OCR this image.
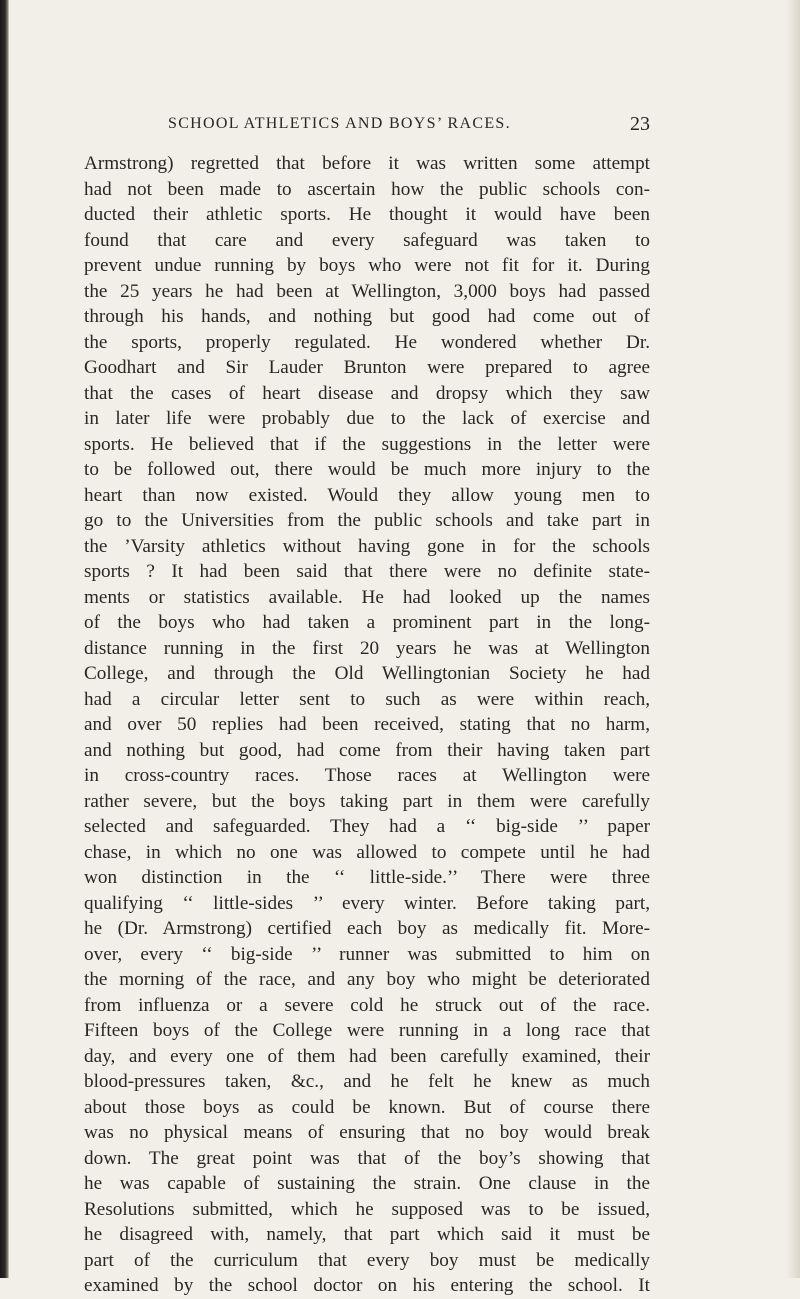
SCHOOL ATHLETICS AND BOYS’ RACES.	23
Armstrong) regretted that before it was written some attempt
had not been made to ascertain how the public schools con-
ducted their athletic sports. He thought it would have been
found that care and every safeguard was taken to
prevent undue running by boys who were not fit for it. During
the 25 years he had been at Wellington, 3,000 boys had passed
through his hands, and nothing but good had come out of
the sports, properly regulated. He wondered whether Dr.
Goodhart and Sir Lauder Brunton were prepared to agree
that the cases of heart disease and dropsy which they saw
in later life were probably due to the lack of exercise and
sports. He believed that if the suggestions in the letter were
to be followed out, there would be much more injury to the
heart than now existed. Would they allow young men to
go to the Universities from the public schools and take part in
the ’Varsity athletics without having gone in for the schools
sports ? It had been said that there were no definite state-
ments or statistics available. He had looked up the names
of the boys who had taken a prominent part in the long-
distance running in the first 20 years he was at Wellington
College, and through the Old Wellingtonian Society he had
had a circular letter sent to such as were within reach,
and over 50 replies had been received, stating that no harm,
and nothing but good, had come from their having taken part
in cross-country races. Those races at Wellington were
rather severe, but the boys taking part in them were carefully
selected and safeguarded. They had a ‘‘ big-side ’’ paper
chase, in which no one was allowed to compete until he had
won distinction in the ‘‘ little-side.’’ There were three
qualifying ‘‘ little-sides ’’ every winter. Before taking part,
he (Dr. Armstrong) certified each boy as medically fit. More-
over, every ‘‘ big-side ’’ runner was submitted to him on
the morning of the race, and any boy who might be deteriorated
from influenza or a severe cold he struck out of the race.
Fifteen boys of the College were running in a long race that
day, and every one of them had been carefully examined, their
blood-pressures taken, &c., and he felt he knew as much
about those boys as could be known. But of course there
was no physical means of ensuring that no boy would break
down. The great point was that of the boy’s showing that
he was capable of sustaining the strain. One clause in the
Resolutions submitted, which he supposed was to be issued,
he disagreed with, namely, that part which said it must be
part of the curriculum that every boy must be medically
examined by the school doctor on his entering the school. It
